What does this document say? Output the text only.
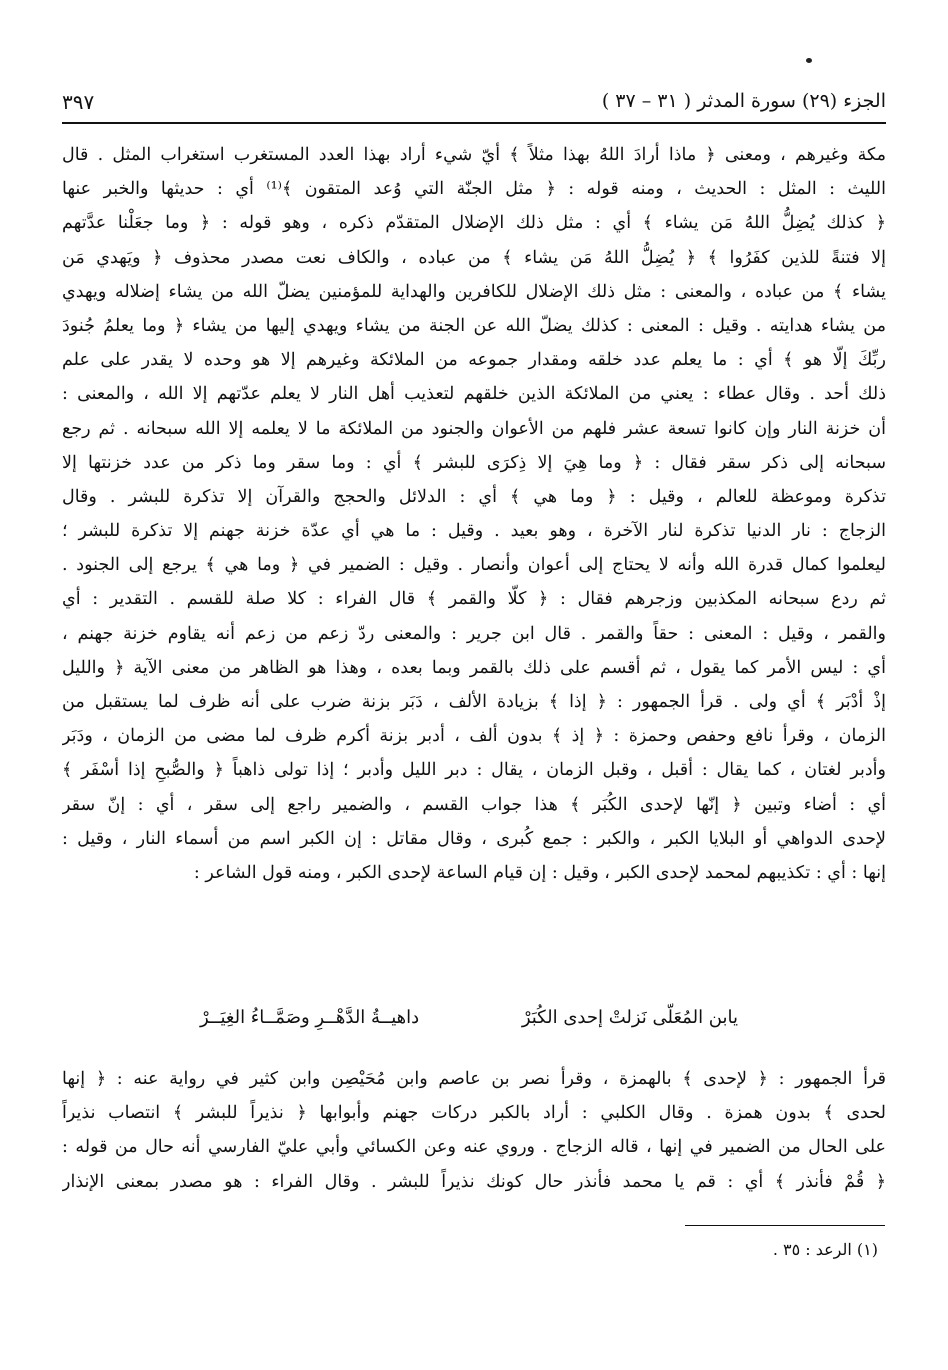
الجزء (٢٩) سورة المدثر ( ٣١ – ٣٧ )
٣٩٧
مكة وغيرهم ، ومعنى ﴿ ماذا أرادَ اللهُ بهذا مثلاً ﴾ أيّ شيء أراد بهذا العدد المستغرب استغراب المثل . قال
الليث : المثل : الحديث ، ومنه قوله : ﴿ مثل الجنّة التي وُعد المتقون ﴾⁽¹⁾ أي : حديثها والخبر عنها
﴿ كذلك يُضِلُّ اللهُ مَن يشاء ﴾ أي : مثل ذلك الإضلال المتقدّم ذكره ، وهو قوله : ﴿ وما جعَلْنا عدَّتهم
إلا فتنةً للذين كفَرُوا ﴾ ﴿ يُضِلُّ اللهُ مَن يشاء ﴾ من عباده ، والكاف نعت مصدر محذوف ﴿ ويَهدي مَن
يشاء ﴾ من عباده ، والمعنى : مثل ذلك الإضلال للكافرين والهداية للمؤمنين يضلّ الله من يشاء إضلاله ويهدي
من يشاء هدايته . وقيل : المعنى : كذلك يضلّ الله عن الجنة من يشاء ويهدي إليها من يشاء ﴿ وما يعلمُ جُنودَ
ربِّكَ إلّا هو ﴾ أي : ما يعلم عدد خلقه ومقدار جموعه من الملائكة وغيرهم إلا هو وحده لا يقدر على علم
ذلك أحد . وقال عطاء : يعني من الملائكة الذين خلقهم لتعذيب أهل النار لا يعلم عدّتهم إلا الله ، والمعنى :
أن خزنة النار وإن كانوا تسعة عشر فلهم من الأعوان والجنود من الملائكة ما لا يعلمه إلا الله سبحانه . ثم رجع
سبحانه إلى ذكر سقر فقال : ﴿ وما هِيَ إلا ذِكرَى للبشر ﴾ أي : وما سقر وما ذكر من عدد خزنتها إلا
تذكرة وموعظة للعالم ، وقيل : ﴿ وما هي ﴾ أي : الدلائل والحجج والقرآن إلا تذكرة للبشر . وقال
الزجاج : نار الدنيا تذكرة لنار الآخرة ، وهو بعيد . وقيل : ما هي أي عدّة خزنة جهنم إلا تذكرة للبشر ؛
ليعلموا كمال قدرة الله وأنه لا يحتاج إلى أعوان وأنصار . وقيل : الضمير في ﴿ وما هي ﴾ يرجع إلى الجنود .
ثم ردع سبحانه المكذبين وزجرهم فقال : ﴿ كلّا والقمر ﴾ قال الفراء : كلا صلة للقسم . التقدير : أي
والقمر ، وقيل : المعنى : حقاً والقمر . قال ابن جرير : والمعنى ردّ زعم من زعم أنه يقاوم خزنة جهنم ،
أي : ليس الأمر كما يقول ، ثم أقسم على ذلك بالقمر وبما بعده ، وهذا هو الظاهر من معنى الآية ﴿ والليل
إذْ أدْبَر ﴾ أي ولى . قرأ الجمهور : ﴿ إذا ﴾ بزيادة الألف ، دَبَر بزنة ضرب على أنه ظرف لما يستقبل من
الزمان ، وقرأ نافع وحفص وحمزة : ﴿ إذ ﴾ بدون ألف ، أدبر بزنة أكرم ظرف لما مضى من الزمان ، ودَبَر
وأدبر لغتان ، كما يقال : أقبل ، وقبل الزمان ، يقال : دبر الليل وأدبر ؛ إذا تولى ذاهباً ﴿ والصُّبحِ إذا أسْفَر ﴾
أي : أضاء وتبين ﴿ إنّها لإحدى الكُبَر ﴾ هذا جواب القسم ، والضمير راجع إلى سقر ، أي : إنّ سقر
لإحدى الدواهي أو البلايا الكبر ، والكبر : جمع كُبرى ، وقال مقاتل : إن الكبر اسم من أسماء النار ، وقيل :
إنها : أي : تكذيبهم لمحمد لإحدى الكبر ، وقيل : إن قيام الساعة لإحدى الكبر ، ومنه قول الشاعر :
يابن المُعَلّى نَزلتْ إحدى الكُبَرْ
داهيــةُ الدَّهْــرِ وصَمَّــاءُ الغِيَــرْ
قرأ الجمهور : ﴿ لإحدى ﴾ بالهمزة ، وقرأ نصر بن عاصم وابن مُحَيْصِن وابن كثير في رواية عنه : ﴿ إنها
لحدى ﴾ بدون همزة . وقال الكلبي : أراد بالكبر دركات جهنم وأبوابها ﴿ نذيراً للبشر ﴾ انتصاب نذيراً
على الحال من الضمير في إنها ، قاله الزجاج . وروي عنه وعن الكسائي وأبي عليّ الفارسي أنه حال من قوله :
﴿ قُمْ فأنذر ﴾ أي : قم يا محمد فأنذر حال كونك نذيراً للبشر . وقال الفراء : هو مصدر بمعنى الإنذار
(١) الرعد : ٣٥ .
